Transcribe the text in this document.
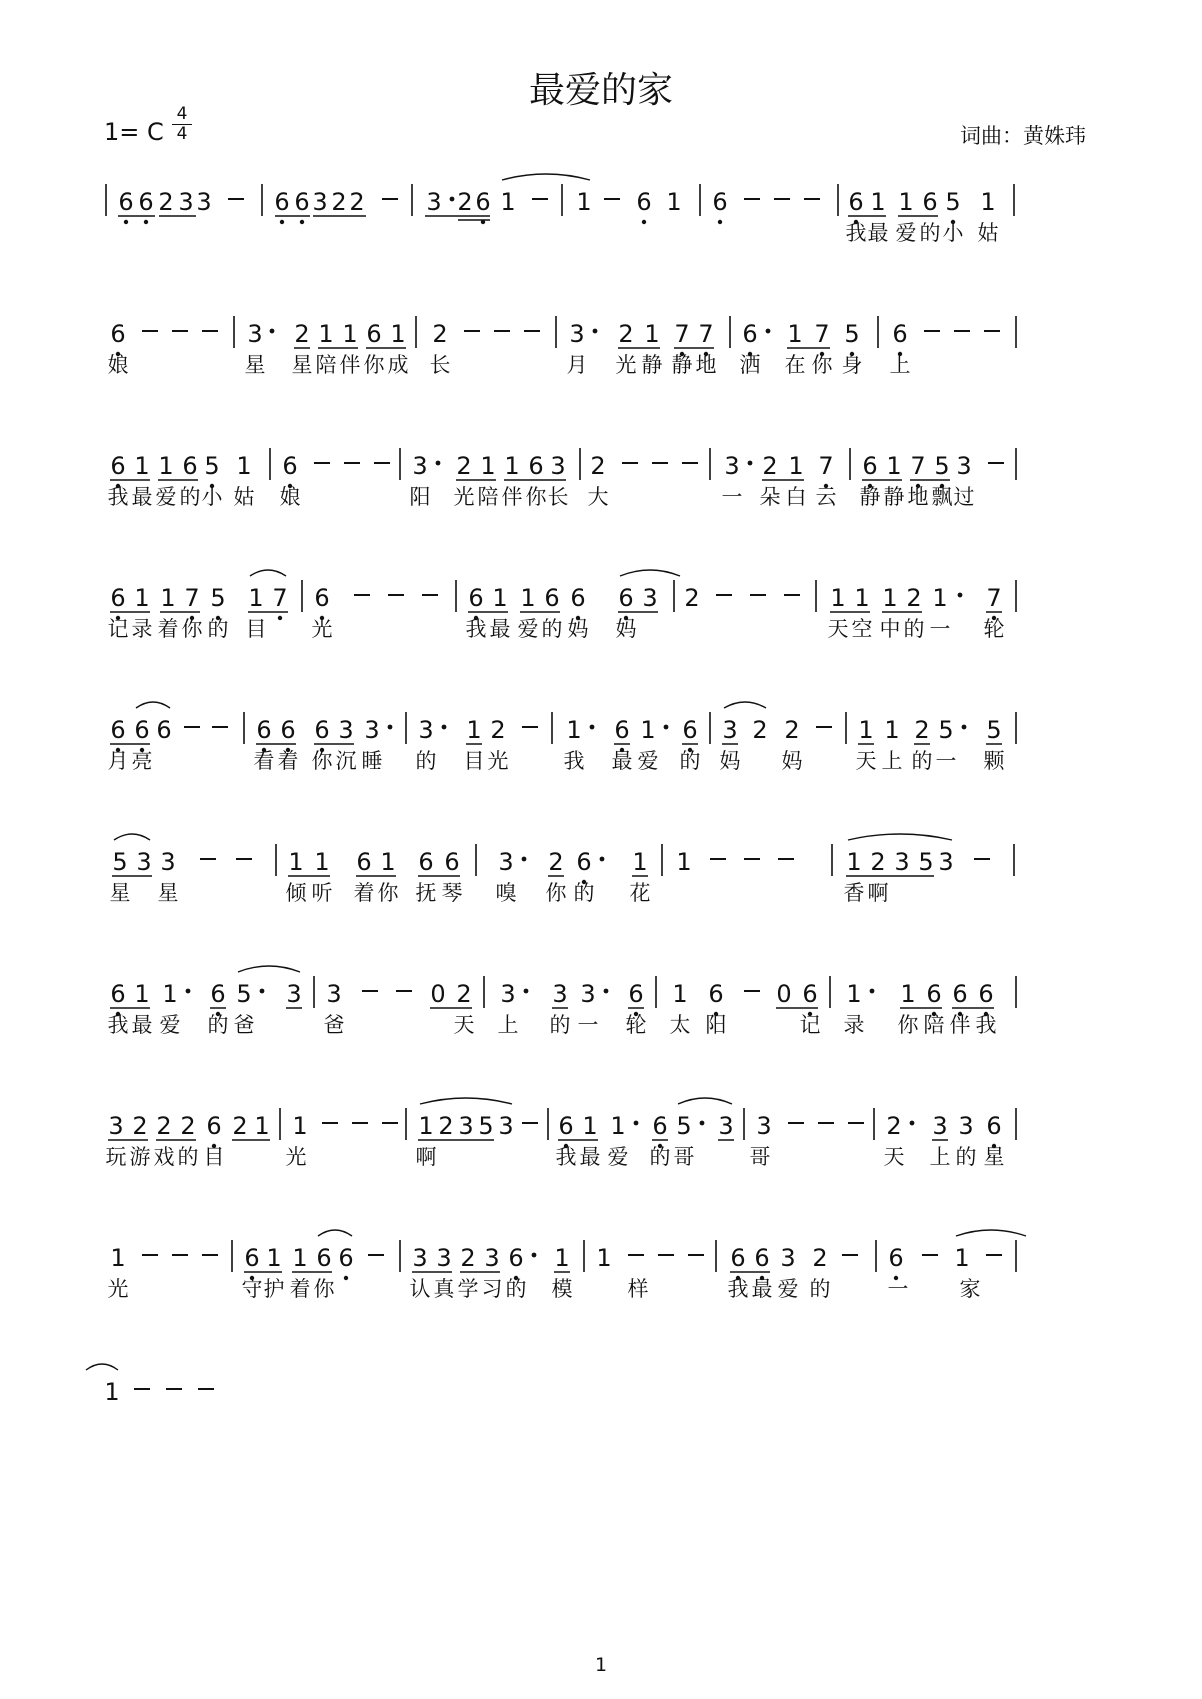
最爱的家
1= C
4
4	词曲：黄姝玮
6 6 2 3 3	6 6 3 2 2	3 2 6 1	1 6 1 6	6 1 1 6 5 1
我 最 爱 的 小 姑
6	3 2 1 1 6 1 2	3 2 1 7 7 6 1 7 5 6
娘	星 星 陪 伴 你 成 长	月 光 静 静 地 洒 在 你 身 上
6 1 1 6 5 1 6	3 2 1 1 6 3 2	3 2 1 7 6 1 7 5 3
我 最 爱 的 小 姑 娘	阳 光 陪 伴 你 长 大	一 朵 白 云 静 静 地 飘 过
6 1 1 7 5 1 7 6	6 1 1 6 6 6 3 2	1 1 1 2 1 7
记 录 着 你 的 目 光	我 最 爱 的 妈 妈	天 空 中 的 一 轮
6 6 6	6 6 6 3 3 3 1 2	1 6 1 6 3 2 2 1 1 2 5 5
月 亮	看 着 你 沉 睡 的 目 光	我 最 爱 的 妈 妈	天 上 的 一 颗
5 3 3	1 1 6 1 6 6 3 2 6 1 1	1 2 3 5 3
星 星	倾 听 着 你 抚 琴 嗅 你 的 花	香 啊
6 1 1 6 5 3 3	0 2 3 3 3 6 1 6 0 6 1 1 6 6 6
我 最 爱 的 爸	爸	天 上 的 一 轮 太 阳	记 录 你 陪 伴 我
3 2 2 2 6 2 1 1	1 2 3 5 3 6 1 1 6 5 3 3	2 3 3 6
玩 游 戏 的 目	光	啊	我 最 爱 的 哥	哥	天 上 的 星
1	6 1 1 6 6 3 3 2 3 6 1 1	6 6 3 2	6 1
光	守 护 着 你	认 真 学 习 的 模	样	我 最 爱 的	一 家
1
1
